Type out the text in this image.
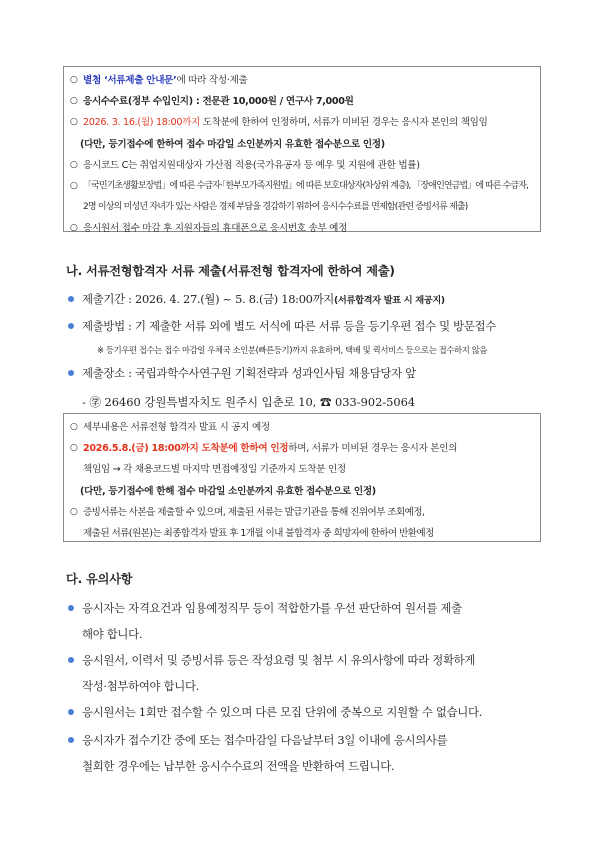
○ 별첨 ‘서류제출 안내문’에 따라 작성·제출
○ 응시수수료(정부 수입인지) : 전문관 10,000원 / 연구사 7,000원
○ 2026. 3. 16.(월) 18:00까지 도착분에 한하여 인정하며, 서류가 미비된 경우는 응시자 본인의 책임임
(다만, 등기접수에 한하여 접수 마감일 소인분까지 유효한 접수분으로 인정)
○ 응시코드 C는 취업지원대상자 가산점 적용(국가유공자 등 예우 및 지원에 관한 법률)
○ 「국민기초생활보장법」에 따른 수급자·「한부모가족지원법」에 따른 보호대상자(차상위 계층), 「장애인연금법」에 따른 수급자,
2명 이상의 미성년 자녀가 있는 사람은 경제 부담을 경감하기 위하여 응시수수료를 면제함(관련 증빙서류 제출)
○ 응시원서 접수 마감 후 지원자들의 휴대폰으로 응시번호 송부 예정
나. 서류전형합격자 서류 제출(서류전형 합격자에 한하여 제출)
제출기간 : 2026. 4. 27.(월) ~ 5. 8.(금) 18:00까지(서류합격자 발표 시 재공지)
제출방법 : 기 제출한 서류 외에 별도 서식에 따른 서류 등을 등기우편 접수 및 방문접수
※ 등기우편 접수는 접수 마감일 우체국 소인분(빠른등기)까지 유효하며, 택배 및 퀵서비스 등으로는 접수하지 않음
제출장소 : 국립과학수사연구원 기획전략과 성과인사팀 채용담당자 앞
- ㊫ 26460 강원특별자치도 원주시 입춘로 10, ☎ 033-902-5064
○ 세부내용은 서류전형 합격자 발표 시 공지 예정
○ 2026.5.8.(금) 18:00까지 도착분에 한하여 인정하며, 서류가 미비된 경우는 응시자 본인의
책임임 → 각 채용코드별 마지막 면접예정일 기준까지 도착분 인정
(다만, 등기접수에 한해 접수 마감일 소인분까지 유효한 접수분으로 인정)
○ 증빙서류는 사본을 제출할 수 있으며, 제출된 서류는 발급기관을 통해 진위여부 조회예정,
제출된 서류(원본)는 최종합격자 발표 후 1개월 이내 불합격자 중 희망자에 한하여 반환예정
다. 유의사항
응시자는 자격요건과 임용예정직무 등이 적합한가를 우선 판단하여 원서를 제출
해야 합니다.
응시원서, 이력서 및 증빙서류 등은 작성요령 및 첨부 시 유의사항에 따라 정확하게
작성·첨부하여야 합니다.
응시원서는 1회만 접수할 수 있으며 다른 모집 단위에 중복으로 지원할 수 없습니다.
응시자가 접수기간 중에 또는 접수마감일 다음날부터 3일 이내에 응시의사를
철회한 경우에는 납부한 응시수수료의 전액을 반환하여 드립니다.
